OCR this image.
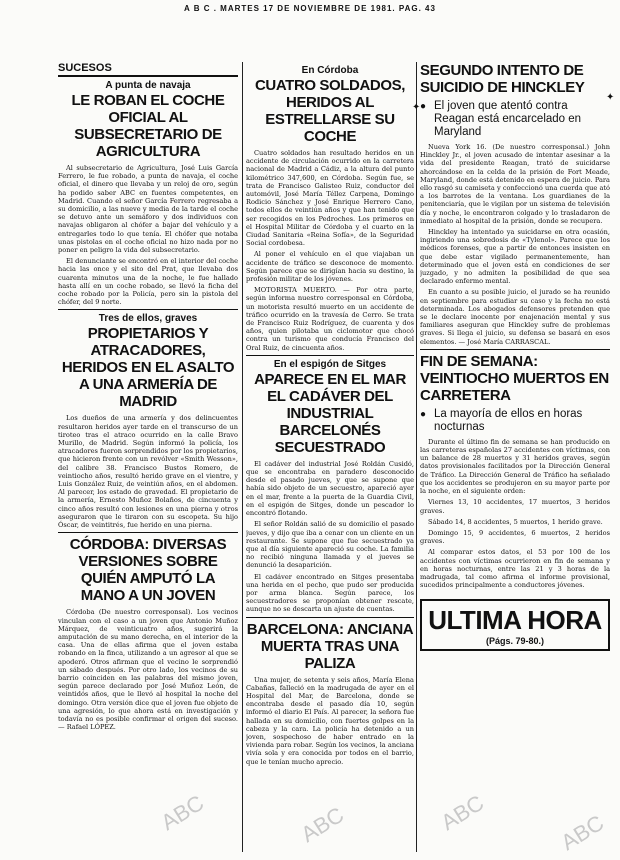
A B C . MARTES 17 DE NOVIEMBRE DE 1981. PAG. 43
SUCESOS
A punta de navaja
LE ROBAN EL COCHE OFICIAL AL SUBSECRETARIO DE AGRICULTURA

Al subsecretario de Agricultura, José Luis García Ferrero, le fue robado, a punta de navaja, el coche oficial, el dinero que llevaba y un reloj de oro, según ha podido saber ABC en fuentes competentes, en Madrid. Cuando el señor García Ferrero regresaba a su domicilio, a las nueve y media de la tarde el coche se detuvo ante un semáforo y dos individuos con navajas obligaron al chófer a bajar del vehículo y a entregarles todo lo que tenía. El chófer que notaba unas pistolas en el coche oficial no hizo nada por no poner en peligro la vida del subsecretario.

El denunciante se encontró en el interior del coche hacia las once y el sito del Prat, que llevaba dos cuarenta minutos una de la noche, le fue hallado hasta allí en un coche robado, se llevó la ficha del coche robado por la Policía, pero sin la pistola del chófer, del 9 norte.

Tres de ellos, graves
PROPIETARIOS Y ATRACADORES, HERIDOS EN EL ASALTO A UNA ARMERÍA DE MADRID

Los dueños de una armería y dos delincuentes resultaron heridos ayer tarde en el transcurso de un tiroteo tras el atraco ocurrido en la calle Bravo Murillo, de Madrid. Según informó la policía, los atracadores fueron sorprendidos por los propietarios, que hicieron frente con un revólver «Smith Wesson», del calibre 38. Francisco Bustos Romero, de veintiocho años, resultó herido grave en el vientre, y Luis González Ruiz, de veintiún años, en el abdomen. Al parecer, los estado de gravedad. El propietario de la armería, Ernesto Muñoz Bolaños, de cincuenta y cinco años resultó con lesiones en una pierna y otros aseguraron que le tiraron con su escopeta. Su hijo Óscar, de veintitrés, fue herido en una pierna.

CÓRDOBA: DIVERSAS VERSIONES SOBRE QUIÉN AMPUTÓ LA MANO A UN JOVEN

Córdoba (De nuestro corresponsal). Los vecinos vinculan con el caso a un joven que Antonio Muñoz Márquez, de veinticuatro años, sugerirá la amputación de su mano derecha, en el interior de la casa. Una de ellas afirma que el joven estaba robando en la finca, utilizando a un agresor al que se apoderó. Otros afirman que el vecino le sorprendió un sábado después. Por otro lado, los vecinos de su barrio coinciden en las palabras del mismo joven, según parece declarado por José Muñoz León, de veintidós años, que le llevó al hospital la noche del domingo. Otra versión dice que el joven fue objeto de una agresión, lo que ahora está en investigación y todavía no es posible confirmar el origen del suceso. — Rafael LÓPEZ.

En Córdoba
CUATRO SOLDADOS, HERIDOS AL ESTRELLARSE SU COCHE

Cuatro soldados han resultado heridos en un accidente de circulación ocurrido en la carretera nacional de Madrid a Cádiz, a la altura del punto kilométrico 347,600, en Córdoba. Según fue, se trata de Francisco Galisteo Ruiz, conductor del automóvil, José María Téllez Carpena, Domingo Rodicio Sánchez y José Enrique Herrero Cano, todos ellos de veintiún años y que han tenido que ser recogidos en los Pedroches. Los primeros en el Hospital Militar de Córdoba y el cuarto en la Ciudad Sanitaria «Reina Sofía», de la Seguridad Social cordobesa.

Al poner el vehículo en el que viajaban un accidente de tráfico se desconoce de momento. Según parece que se dirigían hacia su destino, la profesión militar de los jóvenes.

MOTORISTA MUERTO. — Por otra parte, según informa nuestro corresponsal en Córdoba, un motorista resultó muerto en un accidente de tráfico ocurrido en la travesía de Cerro. Se trata de Francisco Ruiz Rodríguez, de cuarenta y dos años, quien pilotaba un ciclomotor que chocó contra un turismo que conducía Francisco del Oral Ruiz, de cincuenta años.

En el espigón de Sitges
APARECE EN EL MAR EL CADÁVER DEL INDUSTRIAL BARCELONÉS SECUESTRADO

El cadáver del industrial José Roldán Cusidó, que se encontraba en paradero desconocido desde el pasado jueves, y que se supone que había sido objeto de un secuestro, apareció ayer en el mar, frente a la puerta de la Guardia Civil, en el espigón de Sitges, donde un pescador lo encontró flotando.

El señor Roldán salió de su domicilio el pasado jueves, y dijo que iba a cenar con un cliente en un restaurante. Se supone que fue secuestrado ya que al día siguiente apareció su coche. La familia no recibió ninguna llamada y el jueves se denunció la desaparición.

El cadáver encontrado en Sitges presentaba una herida en el pecho, que pudo ser producida por arma blanca. Según parece, los secuestradores se proponían obtener rescate, aunque no se descarta un ajuste de cuentas.

BARCELONA: ANCIANA MUERTA TRAS UNA PALIZA

Una mujer, de setenta y seis años, María Elena Cabañas, falleció en la madrugada de ayer en el Hospital del Mar, de Barcelona, donde se encontraba desde el pasado día 10, según informó el diario El País. Al parecer, la señora fue hallada en su domicilio, con fuertes golpes en la cabeza y la cara. La policía ha detenido a un joven, sospechoso de haber entrado en la vivienda para robar. Según los vecinos, la anciana vivía sola y era conocida por todos en el barrio, que le tenían mucho aprecio.

SEGUNDO INTENTO DE SUICIDIO DE HINCKLEY
● El joven que atentó contra Reagan está encarcelado en Maryland

Nueva York 16. (De nuestro corresponsal.) John Hinckley Jr., el joven acusado de intentar asesinar a la vida del presidente Reagan, trató de suicidarse ahorcándose en la celda de la prisión de Fort Meade, Maryland, donde está detenido en espera de juicio. Para ello rasgó su camiseta y confeccionó una cuerda que ató a los barrotes de la ventana. Los guardianes de la penitenciaría, que le vigilan por un sistema de televisión día y noche, le encontraron colgado y lo trasladaron de inmediato al hospital de la prisión, donde se recupera.

Hinckley ha intentado ya suicidarse en otra ocasión, ingiriendo una sobredosis de «Tylenol». Parece que los médicos forenses, que a partir de entonces insisten en que debe estar vigilado permanentemente, han determinado que el joven está en condiciones de ser juzgado, y no admiten la posibilidad de que sea declarado enfermo mental.

En cuanto a su posible juicio, el jurado se ha reunido en septiembre para estudiar su caso y la fecha no está determinada. Los abogados defensores pretenden que se le declare inocente por enajenación mental y sus familiares aseguran que Hinckley sufre de problemas graves. Si llega el juicio, su defensa se basará en esos elementos. — José María CARRASCAL.

FIN DE SEMANA: VEINTIOCHO MUERTOS EN CARRETERA
● La mayoría de ellos en horas nocturnas

Durante el último fin de semana se han producido en las carreteras españolas 27 accidentes con víctimas, con un balance de 28 muertos y 31 heridos graves, según datos provisionales facilitados por la Dirección General de Tráfico. La Dirección General de Tráfico ha señalado que los accidentes se produjeron en su mayor parte por la noche, en el siguiente orden:

Viernes 13, 10 accidentes, 17 muertos, 3 heridos graves.

Sábado 14, 8 accidentes, 5 muertos, 1 herido grave.

Domingo 15, 9 accidentes, 6 muertos, 2 heridos graves.

Al comparar estos datos, el 53 por 100 de los accidentes con víctimas ocurrieron en fin de semana y en horas nocturnas, entre las 21 y 3 horas de la madrugada, tal como afirma el informe provisional, sucedidos principalmente a conductores jóvenes.

ULTIMA HORA
(Págs. 79-80.)
✦
✦
ABC	ABC	ABC	ABC
